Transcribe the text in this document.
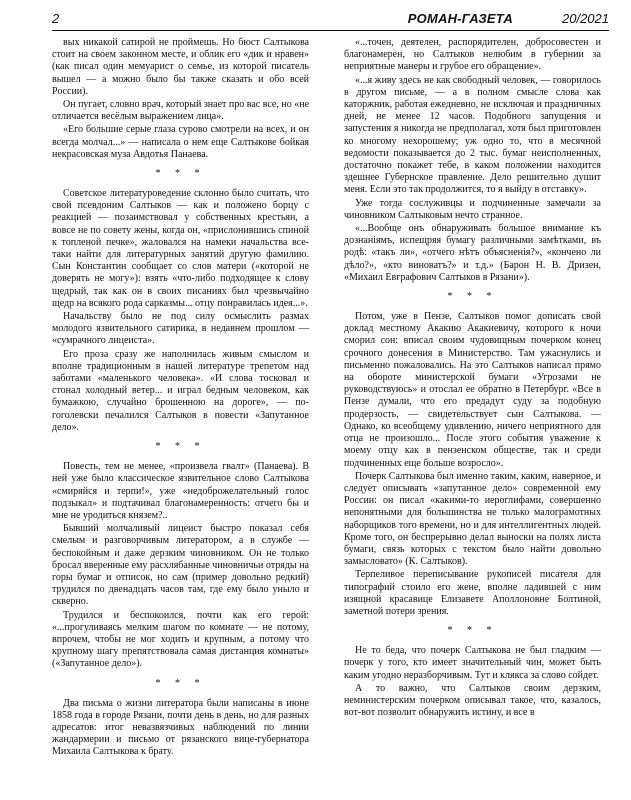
2	РОМАН-ГАЗЕТА	20/2021

вых никакой сатирой не проймешь. Но бюст Салтыкова стоит на своем законном месте, и облик его «дик и нравен» (как писал один мемуарист о семье, из которой писатель вышел — а можно было бы также сказать и обо всей России).

Он пугает, словно врач, который знает про вас все, но «не отличается весёлым выражением лица».

«Его большие серые глаза сурово смотрели на всех, и он всегда молчал...» — написала о нем еще Салтыкове бойкая некрасовская муза Авдотья Панаева.

* * *

Советское литературоведение склонно было считать, что свой псевдоним Салтыков — как и положено борцу с реакцией — позаимствовал у собственных крестьян, а вовсе не по совету жены, когда он, «прислонившись спиной к топленой печке», жаловался на намеки начальства все-таки найти для литературных занятий другую фамилию. Сын Константин сообщает со слов матери («которой не доверять не могу»): взять «что-либо подходящее к слову щедрый, так как он в своих писаниях был чрезвычайно щедр на всякого рода сарказмы... отцу понравилась идея...».

Начальству было не под силу осмыслить размах молодого язвительного сатирика, в недавнем прошлом — «сумрачного лицеиста».

Его проза сразу же наполнилась живым смыслом и вполне традиционным в нашей литературе трепетом над заботами «маленького человека». «И слова тосковал и стонал холодный ветер... и играл бедным человеком, как бумажкою, случайно брошенною на дороге», — по-гоголевски печалился Салтыков в повести «Запутанное дело».

* * *

Повесть, тем не менее, «произвела гвалт» (Панаева). В ней уже было классическое язвительное слово Салтыкова «смиряйся и терпи!», уже «недоброжелательный голос подзыкал» и подтачивал благонамеренность: отчего бы и мне не уродиться князем?..

Бывший молчаливый лицеист быстро показал себя смелым и разговорчивым литератором, а в службе — беспокойным и даже дерзким чиновником. Он не только бросал вверенные ему расхлябанные чиновничьи отряды на горы бумаг и отписок, но сам (пример довольно редкий) трудился по двенадцать часов там, где ему было уныло и скверно.

Трудился и беспокоился, почти как его герой: «...прогуливаясь мелким шагом по комнате — не потому, впрочем, чтобы не мог ходить и крупным, а потому что крупному шагу препятствовала самая дистанция комнаты» («Запутанное дело»).

* * *

Два письма о жизни литератора были написаны в июне 1858 года в городе Рязани, почти день в день, но для разных адресатов: итог невазвязчивых наблюдений по линии жандармерии и письмо от рязанского вице-губернатора Михаила Салтыкова к брату.

«...точен, деятелен, распорядителен, добросовестен и благонамерен, но Салтыков нелюбим в губернии за неприятные манеры и грубое его обращение».

«...я живу здесь не как свободный человек, — говорилось в другом письме, — а в полном смысле слова как каторжник, работая ежедневно, не исключая и праздничных дней, не менее 12 часов. Подобного запущения и запустения я никогда не предполагал, хотя был приготовлен ко многому нехорошему; уж одно то, что в месячной ведомости показывается до 2 тыс. бумаг неисполненных, достаточно покажет тебе, в каком положении находится здешнее Губернское правление. Дело решительно душит меня. Если это так продолжится, то я выйду в отставку».

Уже тогда сослуживцы и подчиненные замечали за чиновником Салтыковым нечто странное.

«...Вообще онъ обнаруживать большое внимание къ дознаніямъ, испещряя бумагу различными замѣтками, въ родѣ: «такъ ли», «отчего нѣтъ объясненія?», «кончено ли дѣло?», «кто виноватъ?» и т.д.» (Барон Н. В. Дризен, «Михаил Евграфович Салтыков в Рязани»).

* * *

Потом, уже в Пензе, Салтыков помог дописать свой доклад местному Акакию Акакиевичу, которого к ночи сморил сон: вписал своим чудовищным почерком конец срочного донесения в Министерство. Там ужаснулись и письменно пожаловались. На это Салтыков написал прямо на обороте министерской бумаги «Угрозами не руководствуюсь» и отослал ее обратно в Петербург. «Все в Пензе думали, что его предадут суду за подобную продерзость, — свидетельствует сын Салтыкова. — Однако, ко всеобщему удивлению, ничего неприятного для отца не произошло... После этого события уважение к моему отцу как в пензенском обществе, так и среди подчиненных еще больше возросло».

Почерк Салтыкова был именно таким, каким, наверное, и следует описывать «запутанное дело» современной ему России: он писал «какими-то иероглифами, совершенно непонятными для большинства не только малограмотных наборщиков того времени, но и для интеллигентных людей. Кроме того, он беспрерывно делал выноски на полях листа бумаги, связь которых с текстом было найти довольно замысловато» (К. Салтыков).

Терпеливое переписывание рукописей писателя для типографий стоило его жене, вполне ладившей с ним изящной красавице Елизавете Аполлоновне Болтиной, заметной потери зрения.

* * *

Не то беда, что почерк Салтыкова не был гладким — почерк у того, кто имеет значительный чин, может быть каким угодно неразборчивым. Тут и клякса за слово сойдет.

А то важно, что Салтыков своим дерзким, неминистерским почерком описывал такое, что, казалось, вот-вот позволит обнаружить истину, и все в
